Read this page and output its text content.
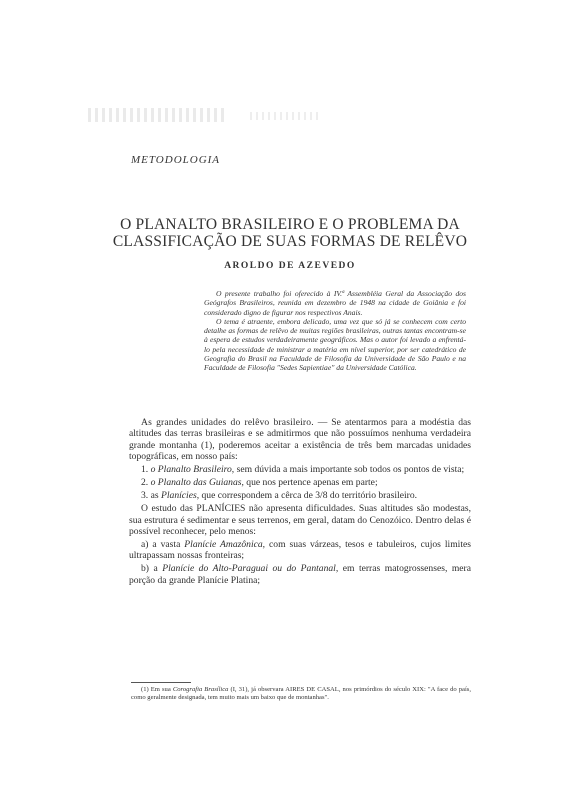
METODOLOGIA
O PLANALTO BRASILEIRO E O PROBLEMA DA
CLASSIFICAÇÃO DE SUAS FORMAS DE RELÊVO
AROLDO DE AZEVEDO

O presente trabalho foi oferecido à IV.ª Assembléia Geral da Associação dos Geógrafos Brasileiros, reunida em dezembro de 1948 na cidade de Goiânia e foi considerado digno de figurar nos respectivos Anais.

O tema é atraente, embora delicado, uma vez que só já se conhecem com certo detalhe as formas de relêvo de muitas regiões brasileiras, outras tantas encontram-se à espera de estudos verdadeiramente geográficos. Mas o autor foi levado a enfrentá-lo pela necessidade de ministrar a matéria em nível superior, por ser catedrático de Geografia do Brasil na Faculdade de Filosofia da Universidade de São Paulo e na Faculdade de Filosofia "Sedes Sapientiae" da Universidade Católica.

As grandes unidades do relêvo brasileiro. — Se atentarmos para a modéstia das altitudes das terras brasileiras e se admitirmos que não possuímos nenhuma verdadeira grande montanha (1), poderemos aceitar a existência de três bem marcadas unidades topográficas, em nosso país:

1. o Planalto Brasileiro, sem dúvida a mais importante sob todos os pontos de vista;

2. o Planalto das Guianas, que nos pertence apenas em parte;

3. as Planícies, que correspondem a cêrca de 3/8 do território brasileiro.

O estudo das PLANÍCIES não apresenta dificuldades. Suas altitudes são modestas, sua estrutura é sedimentar e seus terrenos, em geral, datam do Cenozóico. Dentro delas é possível reconhecer, pelo menos:

a) a vasta Planície Amazônica, com suas várzeas, tesos e tabuleiros, cujos limites ultrapassam nossas fronteiras;

b) a Planície do Alto-Paraguai ou do Pantanal, em terras matogrossenses, mera porção da grande Planície Platina;

(1) Em sua Corografia Brasílica (I, 31), já observara AIRES DE CASAL, nos primórdios do século XIX: "A face do país, como geralmente designada, tem muito mais um baixo que de montanhas".
